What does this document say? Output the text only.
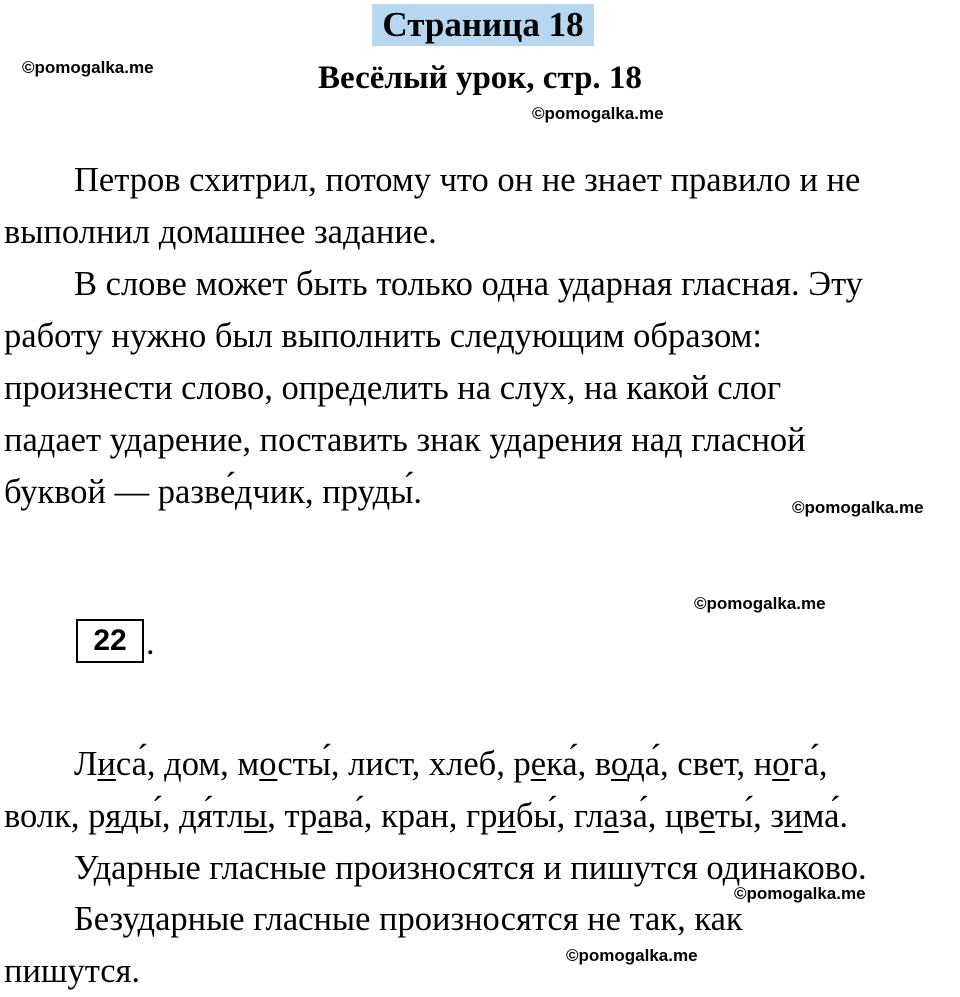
Страница 18
Весёлый урок, стр. 18
©pomogalka.me
©pomogalka.me
Петров схитрил, потому что он не знает правило и не
выполнил домашнее задание.
В слове может быть только одна ударная гласная. Эту
работу нужно был выполнить следующим образом:
произнести слово, определить на слух, на какой слог
падает ударение, поставить знак ударения над гласной
буквой — разве́дчик, пруды́.	©pomogalka.me
©pomogalka.me
22 .
Лиса́, дом, мосты́, лист, хлеб, река́, вода́, свет, нога́,
волк, ряды́, дя́тлы, трава́, кран, грибы́, глаза́, цветы́, зима́.
Ударные гласные произносятся и пишутся одинаково.
©pomogalka.me
Безударные гласные произносятся не так, как
пишутся.	©pomogalka.me
